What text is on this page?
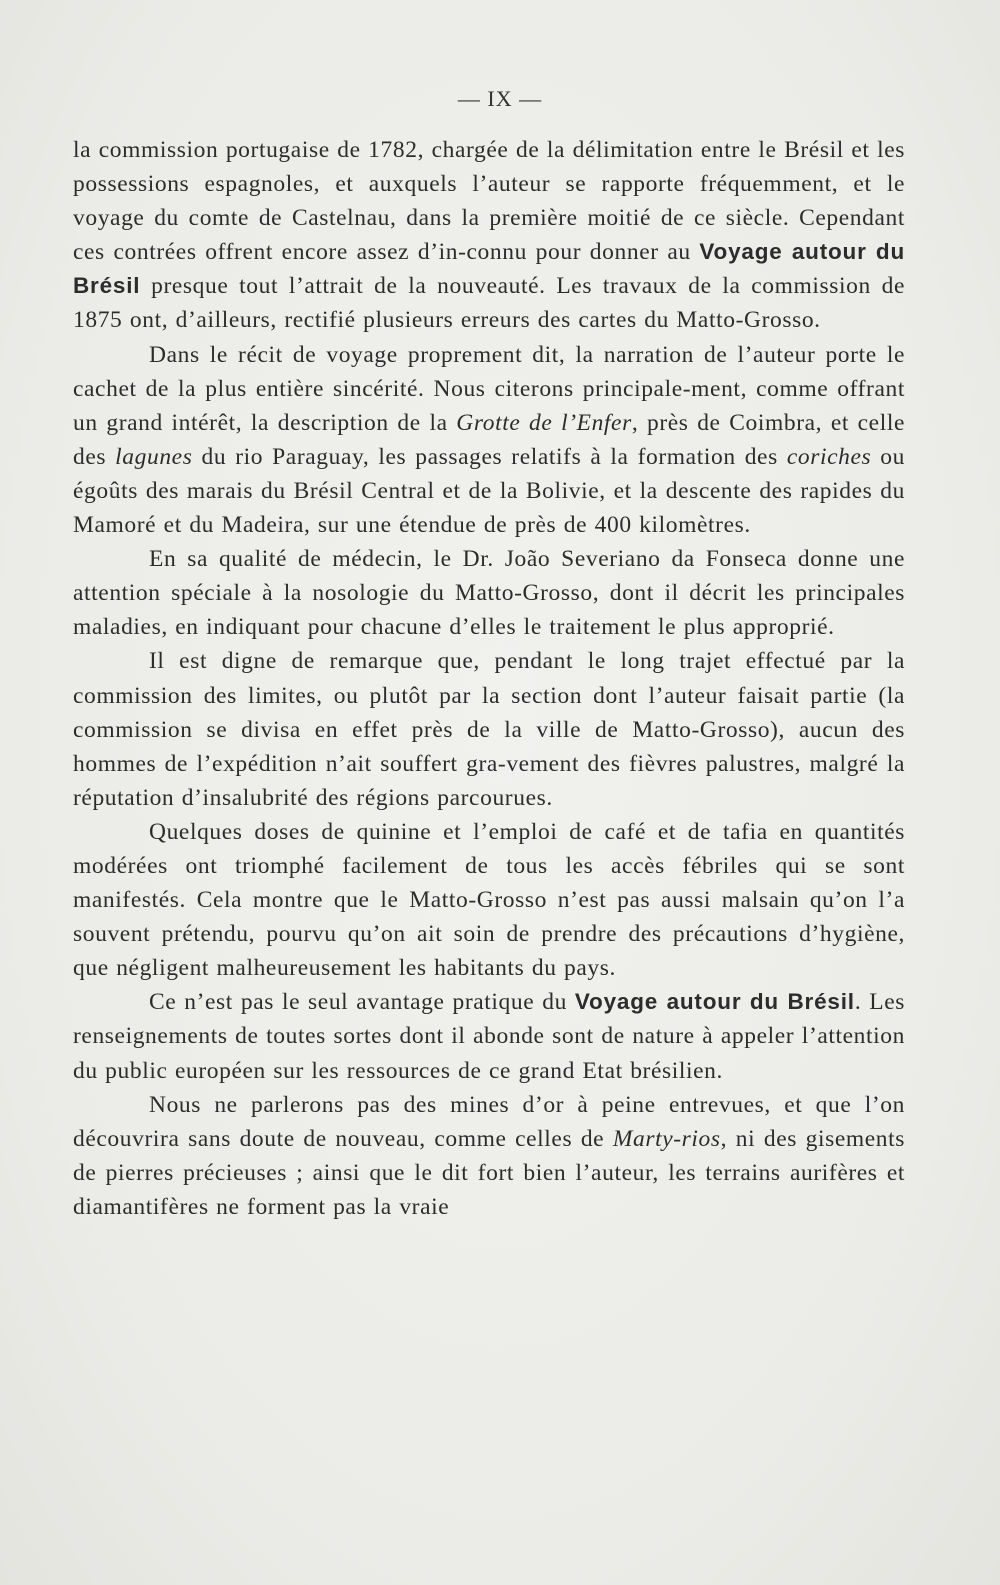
— IX —

la commission portugaise de 1782, chargée de la délimitation entre le Brésil et les possessions espagnoles, et auxquels l’auteur se rapporte fréquemment, et le voyage du comte de Castelnau, dans la première moitié de ce siècle. Cependant ces contrées offrent encore assez d’in-connu pour donner au Voyage autour du Brésil presque tout l’attrait de la nouveauté. Les travaux de la commission de 1875 ont, d’ailleurs, rectifié plusieurs erreurs des cartes du Matto-Grosso.

Dans le récit de voyage proprement dit, la narration de l’auteur porte le cachet de la plus entière sincérité. Nous citerons principale-ment, comme offrant un grand intérêt, la description de la Grotte de l’Enfer, près de Coimbra, et celle des lagunes du rio Paraguay, les passages relatifs à la formation des coriches ou égoûts des marais du Brésil Central et de la Bolivie, et la descente des rapides du Mamoré et du Madeira, sur une étendue de près de 400 kilomètres.

En sa qualité de médecin, le Dr. João Severiano da Fonseca donne une attention spéciale à la nosologie du Matto-Grosso, dont il décrit les principales maladies, en indiquant pour chacune d’elles le traitement le plus approprié.

Il est digne de remarque que, pendant le long trajet effectué par la commission des limites, ou plutôt par la section dont l’auteur faisait partie (la commission se divisa en effet près de la ville de Matto-Grosso), aucun des hommes de l’expédition n’ait souffert gra-vement des fièvres palustres, malgré la réputation d’insalubrité des régions parcourues.

Quelques doses de quinine et l’emploi de café et de tafia en quantités modérées ont triomphé facilement de tous les accès fébriles qui se sont manifestés. Cela montre que le Matto-Grosso n’est pas aussi malsain qu’on l’a souvent prétendu, pourvu qu’on ait soin de prendre des précautions d’hygiène, que négligent malheureusement les habitants du pays.

Ce n’est pas le seul avantage pratique du Voyage autour du Brésil. Les renseignements de toutes sortes dont il abonde sont de nature à appeler l’attention du public européen sur les ressources de ce grand Etat brésilien.

Nous ne parlerons pas des mines d’or à peine entrevues, et que l’on découvrira sans doute de nouveau, comme celles de Marty-rios, ni des gisements de pierres précieuses ; ainsi que le dit fort bien l’auteur, les terrains aurifères et diamantifères ne forment pas la vraie
